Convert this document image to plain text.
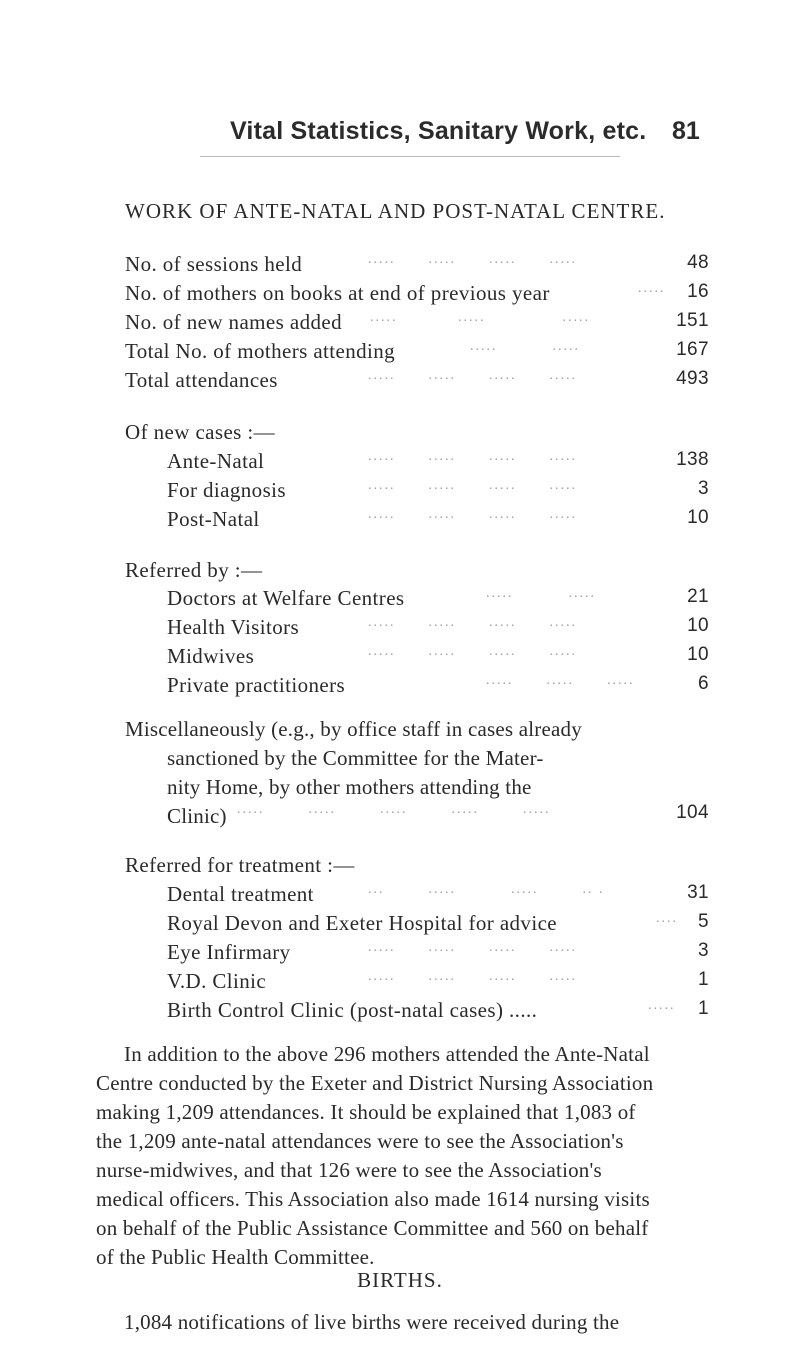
Vital Statistics, Sanitary Work, etc. 81
WORK OF ANTE-NATAL AND POST-NATAL CENTRE.
No. of sessions held	.....      .....      .....      .....	48
No. of mothers on books at end of previous year	..... 16
No. of new names added .....           .....              .....	151
Total No. of mothers attending	.....          .....	167
Total attendances	.....      .....      .....      .....	493
Of new cases :—
Ante-Natal	.....      .....      .....      .....	138
For diagnosis	.....      .....      .....      .....	3
Post-Natal	.....      .....      .....      .....	10
Referred by :—
Doctors at Welfare Centres	.....          .....	21
Health Visitors	.....      .....      .....      .....	10
Midwives	.....      .....      .....      .....	10
Private practitioners	.....      .....      .....	6
Miscellaneously (e.g., by office staff in cases already
sanctioned by the Committee for the Mater-
nity Home, by other mothers attending the
Clinic) .....        .....        .....        .....        .....	104
Referred for treatment :—
Dental treatment	...        .....          .....        .. .	31
Royal Devon and Exeter Hospital for advice	.... 5
Eye Infirmary	.....      .....      .....      .....	3
V.D. Clinic	.....      .....      .....      .....	1
Birth Control Clinic (post-natal cases) .....	..... 1
In addition to the above 296 mothers attended the Ante-Natal
Centre conducted by the Exeter and District Nursing Association
making 1,209 attendances. It should be explained that 1,083 of
the 1,209 ante-natal attendances were to see the Association's
nurse-midwives, and that 126 were to see the Association's
medical officers. This Association also made 1614 nursing visits
on behalf of the Public Assistance Committee and 560 on behalf
of the Public Health Committee.
BIRTHS.
1,084 notifications of live births were received during the
